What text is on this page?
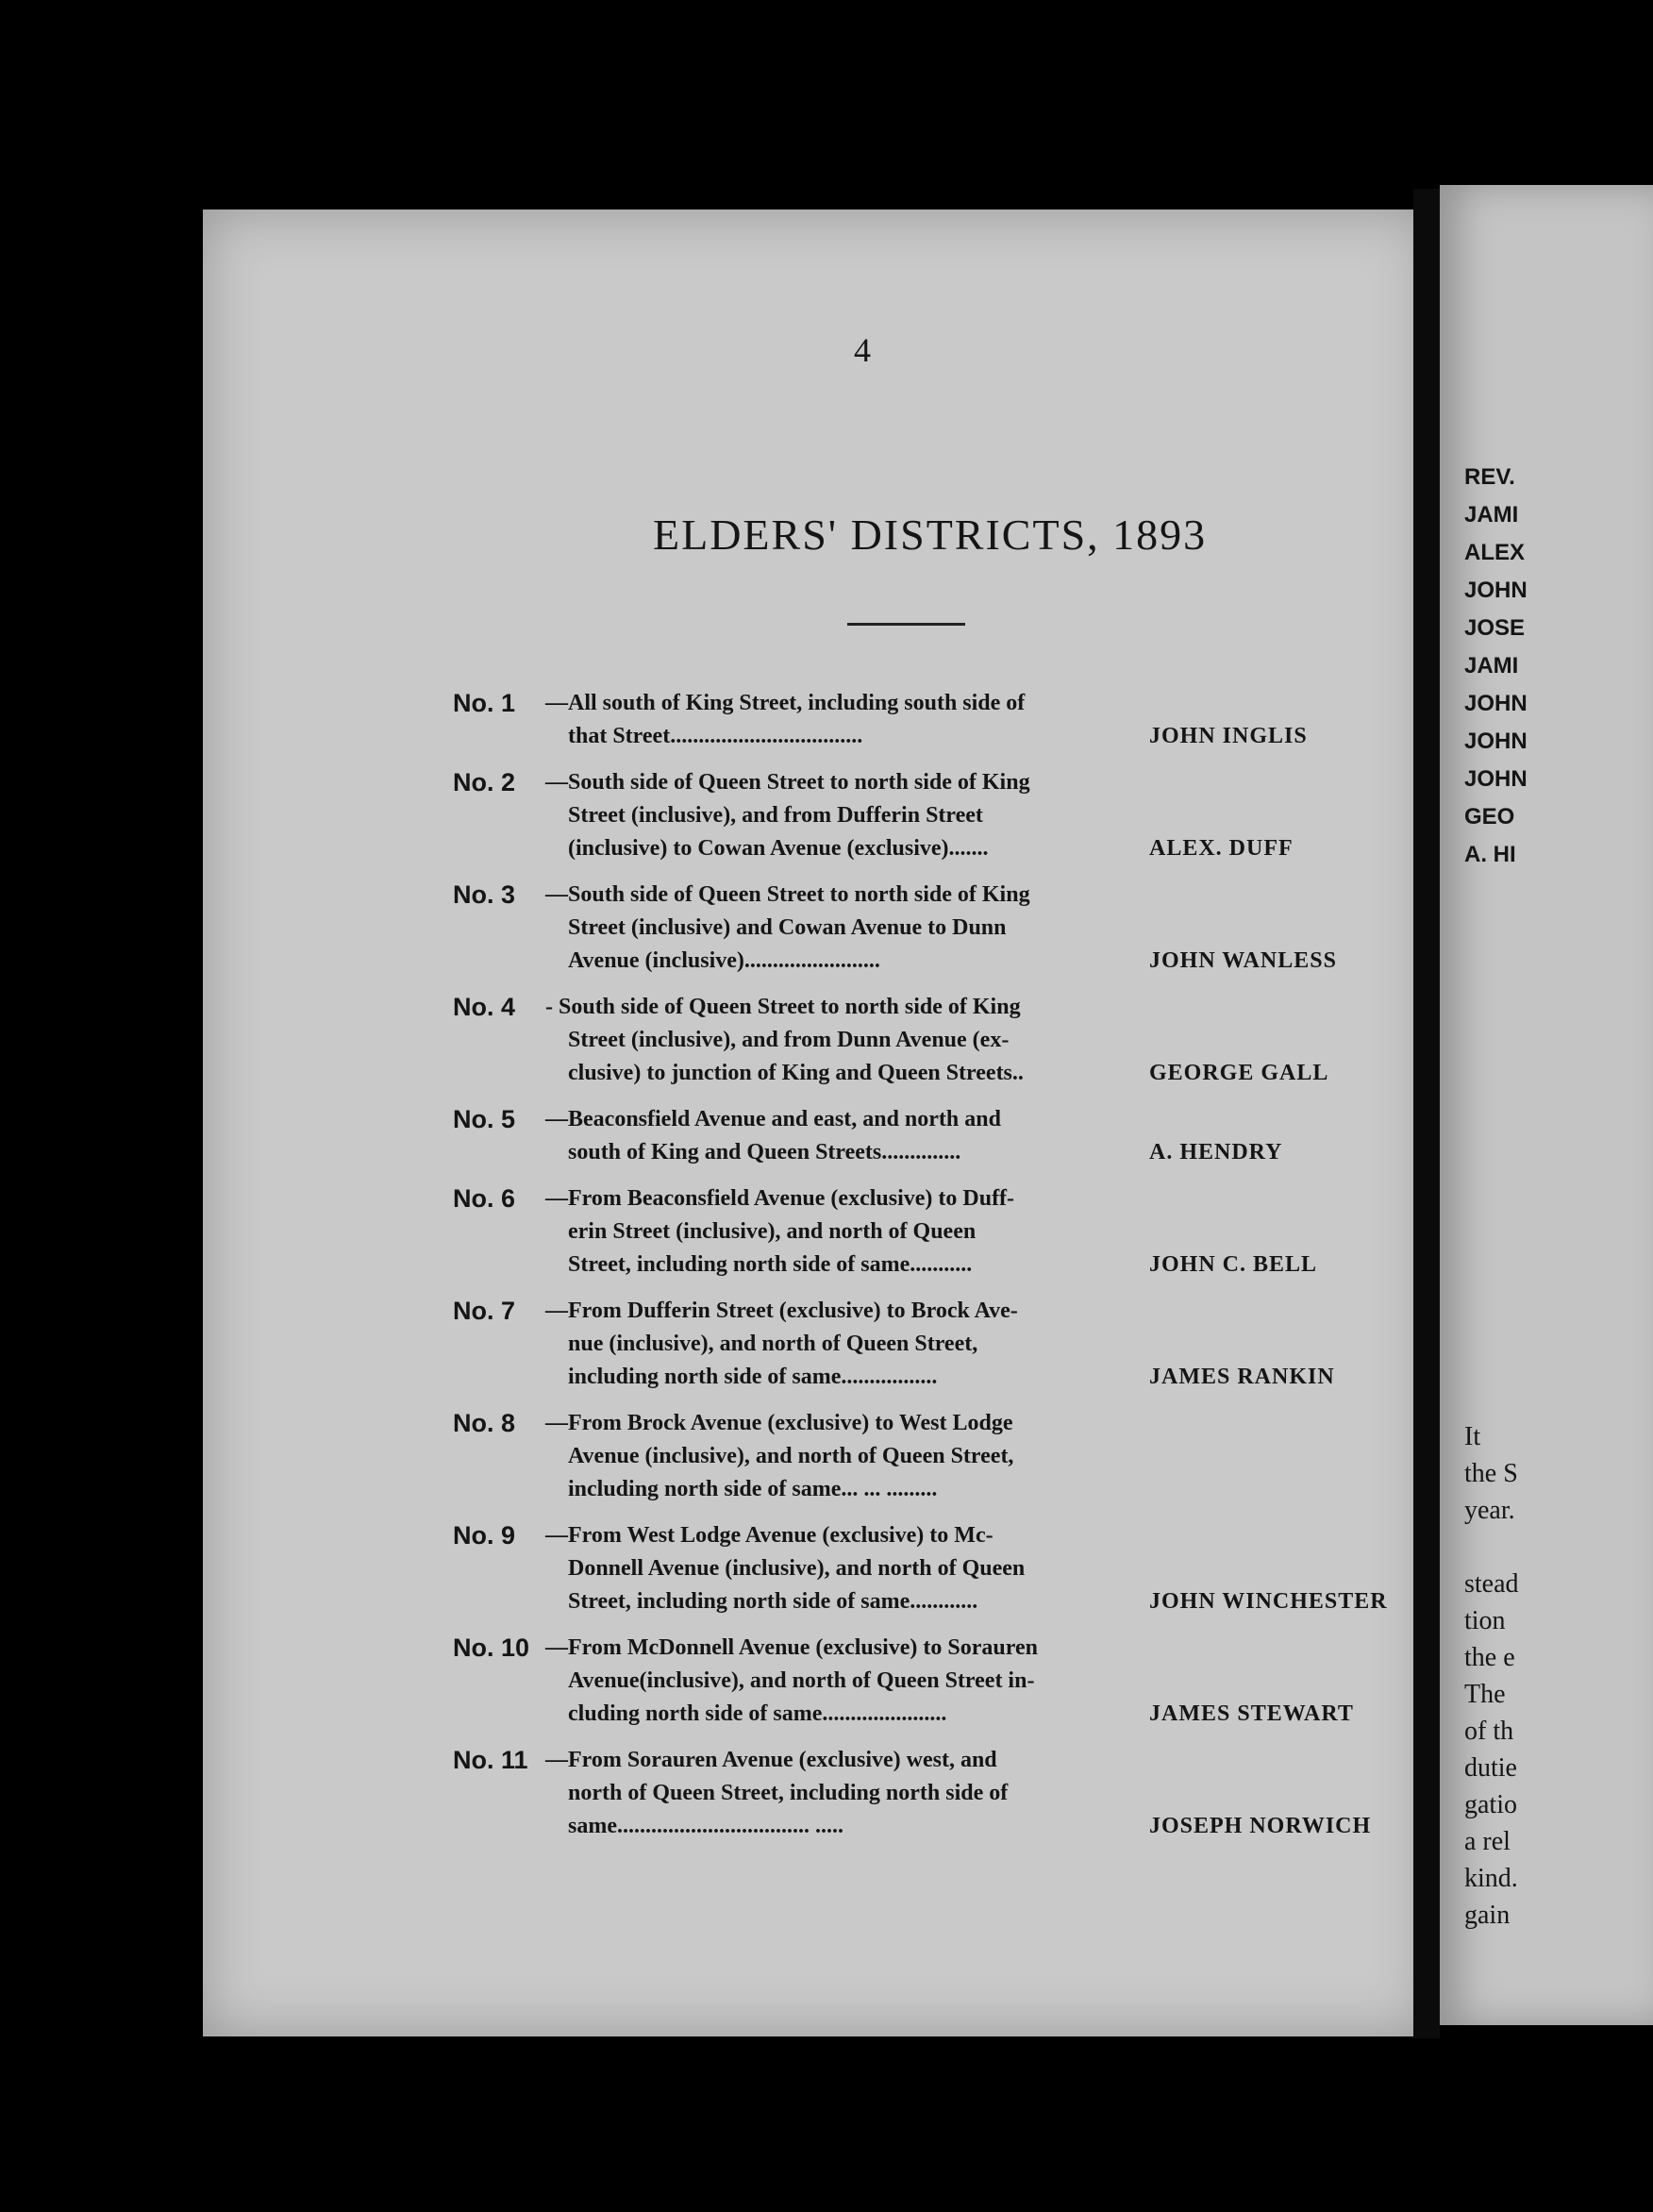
REV.
JAMI
ALEX
JOHN
JOSE
JAMI
JOHN
JOHN
JOHN
GEO
A. HI
It
the S
year.
stead
tion
the e
The
of th
dutie
gatio
a rel
kind.
gain
4
ELDERS' DISTRICTS, 1893
No. 1	—All south of King Street, including south side of
that Street..................................	JOHN INGLIS
No. 2	—South side of Queen Street to north side of King
Street (inclusive), and from Dufferin Street
(inclusive) to Cowan Avenue (exclusive).......	ALEX. DUFF
No. 3	—South side of Queen Street to north side of King
Street (inclusive) and Cowan Avenue to Dunn
Avenue (inclusive)........................	JOHN WANLESS
No. 4	- South side of Queen Street to north side of King
Street (inclusive), and from Dunn Avenue (ex-
clusive) to junction of King and Queen Streets..	GEORGE GALL
No. 5	—Beaconsfield Avenue and east, and north and
south of King and Queen Streets..............	A. HENDRY
No. 6	—From Beaconsfield Avenue (exclusive) to Duff-
erin Street (inclusive), and north of Queen
Street, including north side of same...........	JOHN C. BELL
No. 7	—From Dufferin Street (exclusive) to Brock Ave-
nue (inclusive), and north of Queen Street,
including north side of same.................	JAMES RANKIN
No. 8	—From Brock Avenue (exclusive) to West Lodge
Avenue (inclusive), and north of Queen Street,
including north side of same... ... .........
No. 9	—From West Lodge Avenue (exclusive) to Mc-
Donnell Avenue (inclusive), and north of Queen
Street, including north side of same............	JOHN WINCHESTER
No. 10 —From McDonnell Avenue (exclusive) to Sorauren
Avenue(inclusive), and north of Queen Street in-
cluding north side of same......................	JAMES STEWART
No. 11 —From Sorauren Avenue (exclusive) west, and
north of Queen Street, including north side of
same.................................. .....	JOSEPH NORWICH
